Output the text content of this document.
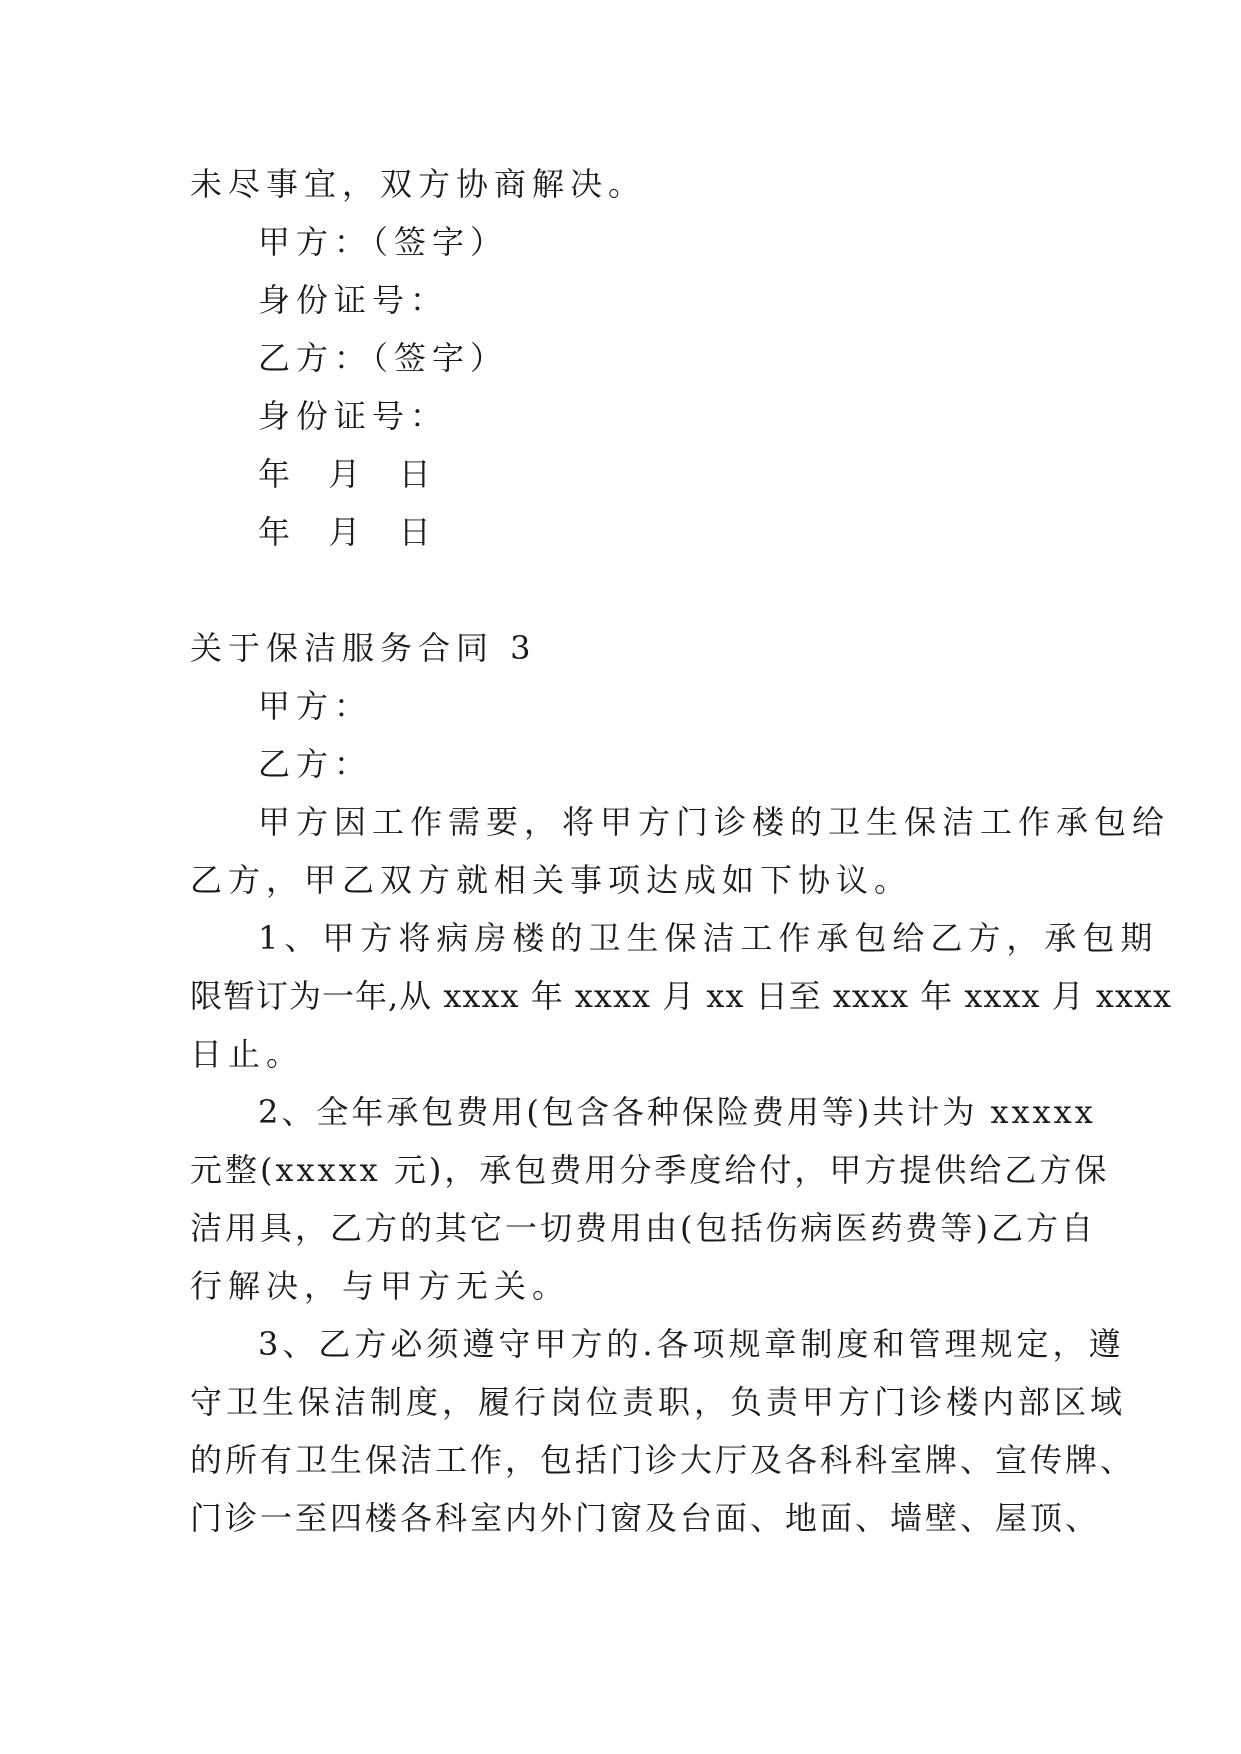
未尽事宜，双方协商解决。
甲方：（签字）
身份证号：
乙方：（签字）
身份证号：
年  月  日
年  月  日
关于保洁服务合同 3
甲方：
乙方：
甲方因工作需要，将甲方门诊楼的卫生保洁工作承包给
乙方，甲乙双方就相关事项达成如下协议。
1、甲方将病房楼的卫生保洁工作承包给乙方，承包期
限暂订为一年,从 xxxx 年 xxxx 月 xx 日至 xxxx 年 xxxx 月 xxxx
日止。
2、全年承包费用(包含各种保险费用等)共计为 xxxxx
元整(xxxxx 元)，承包费用分季度给付，甲方提供给乙方保
洁用具，乙方的其它一切费用由(包括伤病医药费等)乙方自
行解决，与甲方无关。
3、乙方必须遵守甲方的.各项规章制度和管理规定，遵
守卫生保洁制度，履行岗位责职，负责甲方门诊楼内部区域
的所有卫生保洁工作，包括门诊大厅及各科科室牌、宣传牌、
门诊一至四楼各科室内外门窗及台面、地面、墙壁、屋顶、
